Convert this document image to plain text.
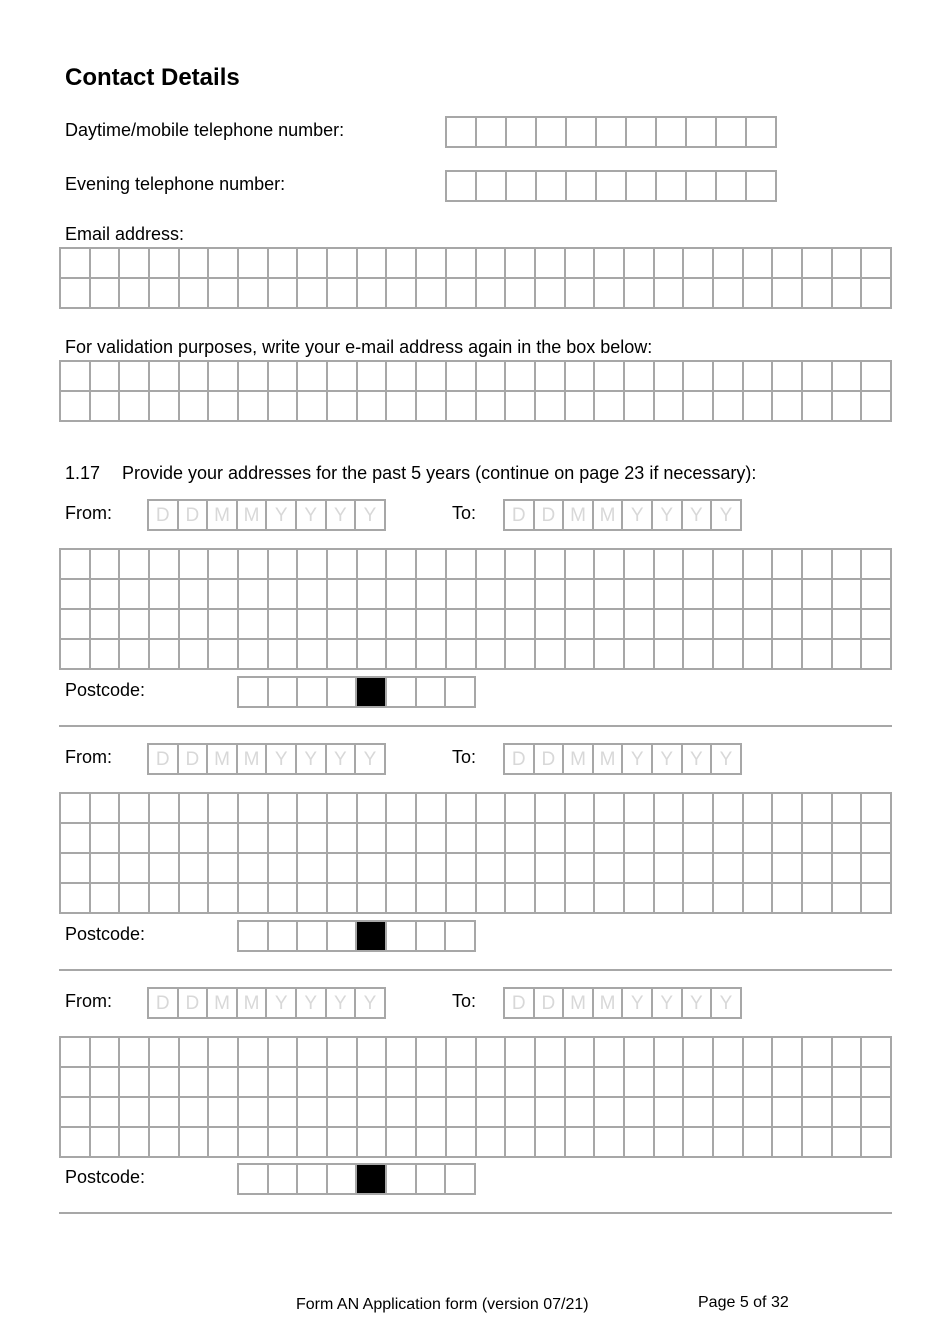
Contact Details
Daytime/mobile telephone number:
Evening telephone number:
Email address:
For validation purposes, write your e-mail address again in the box below:
1.17 Provide your addresses for the past 5 years (continue on page 23 if necessary):
From:	D D M M Y Y Y Y	To:	D D M M Y Y Y Y
Postcode:
From:	D D M M Y Y Y Y	To:	D D M M Y Y Y Y
Postcode:
From:	D D M M Y Y Y Y	To:	D D M M Y Y Y Y
Postcode:
Form AN Application form (version 07/21)	Page 5 of 32
